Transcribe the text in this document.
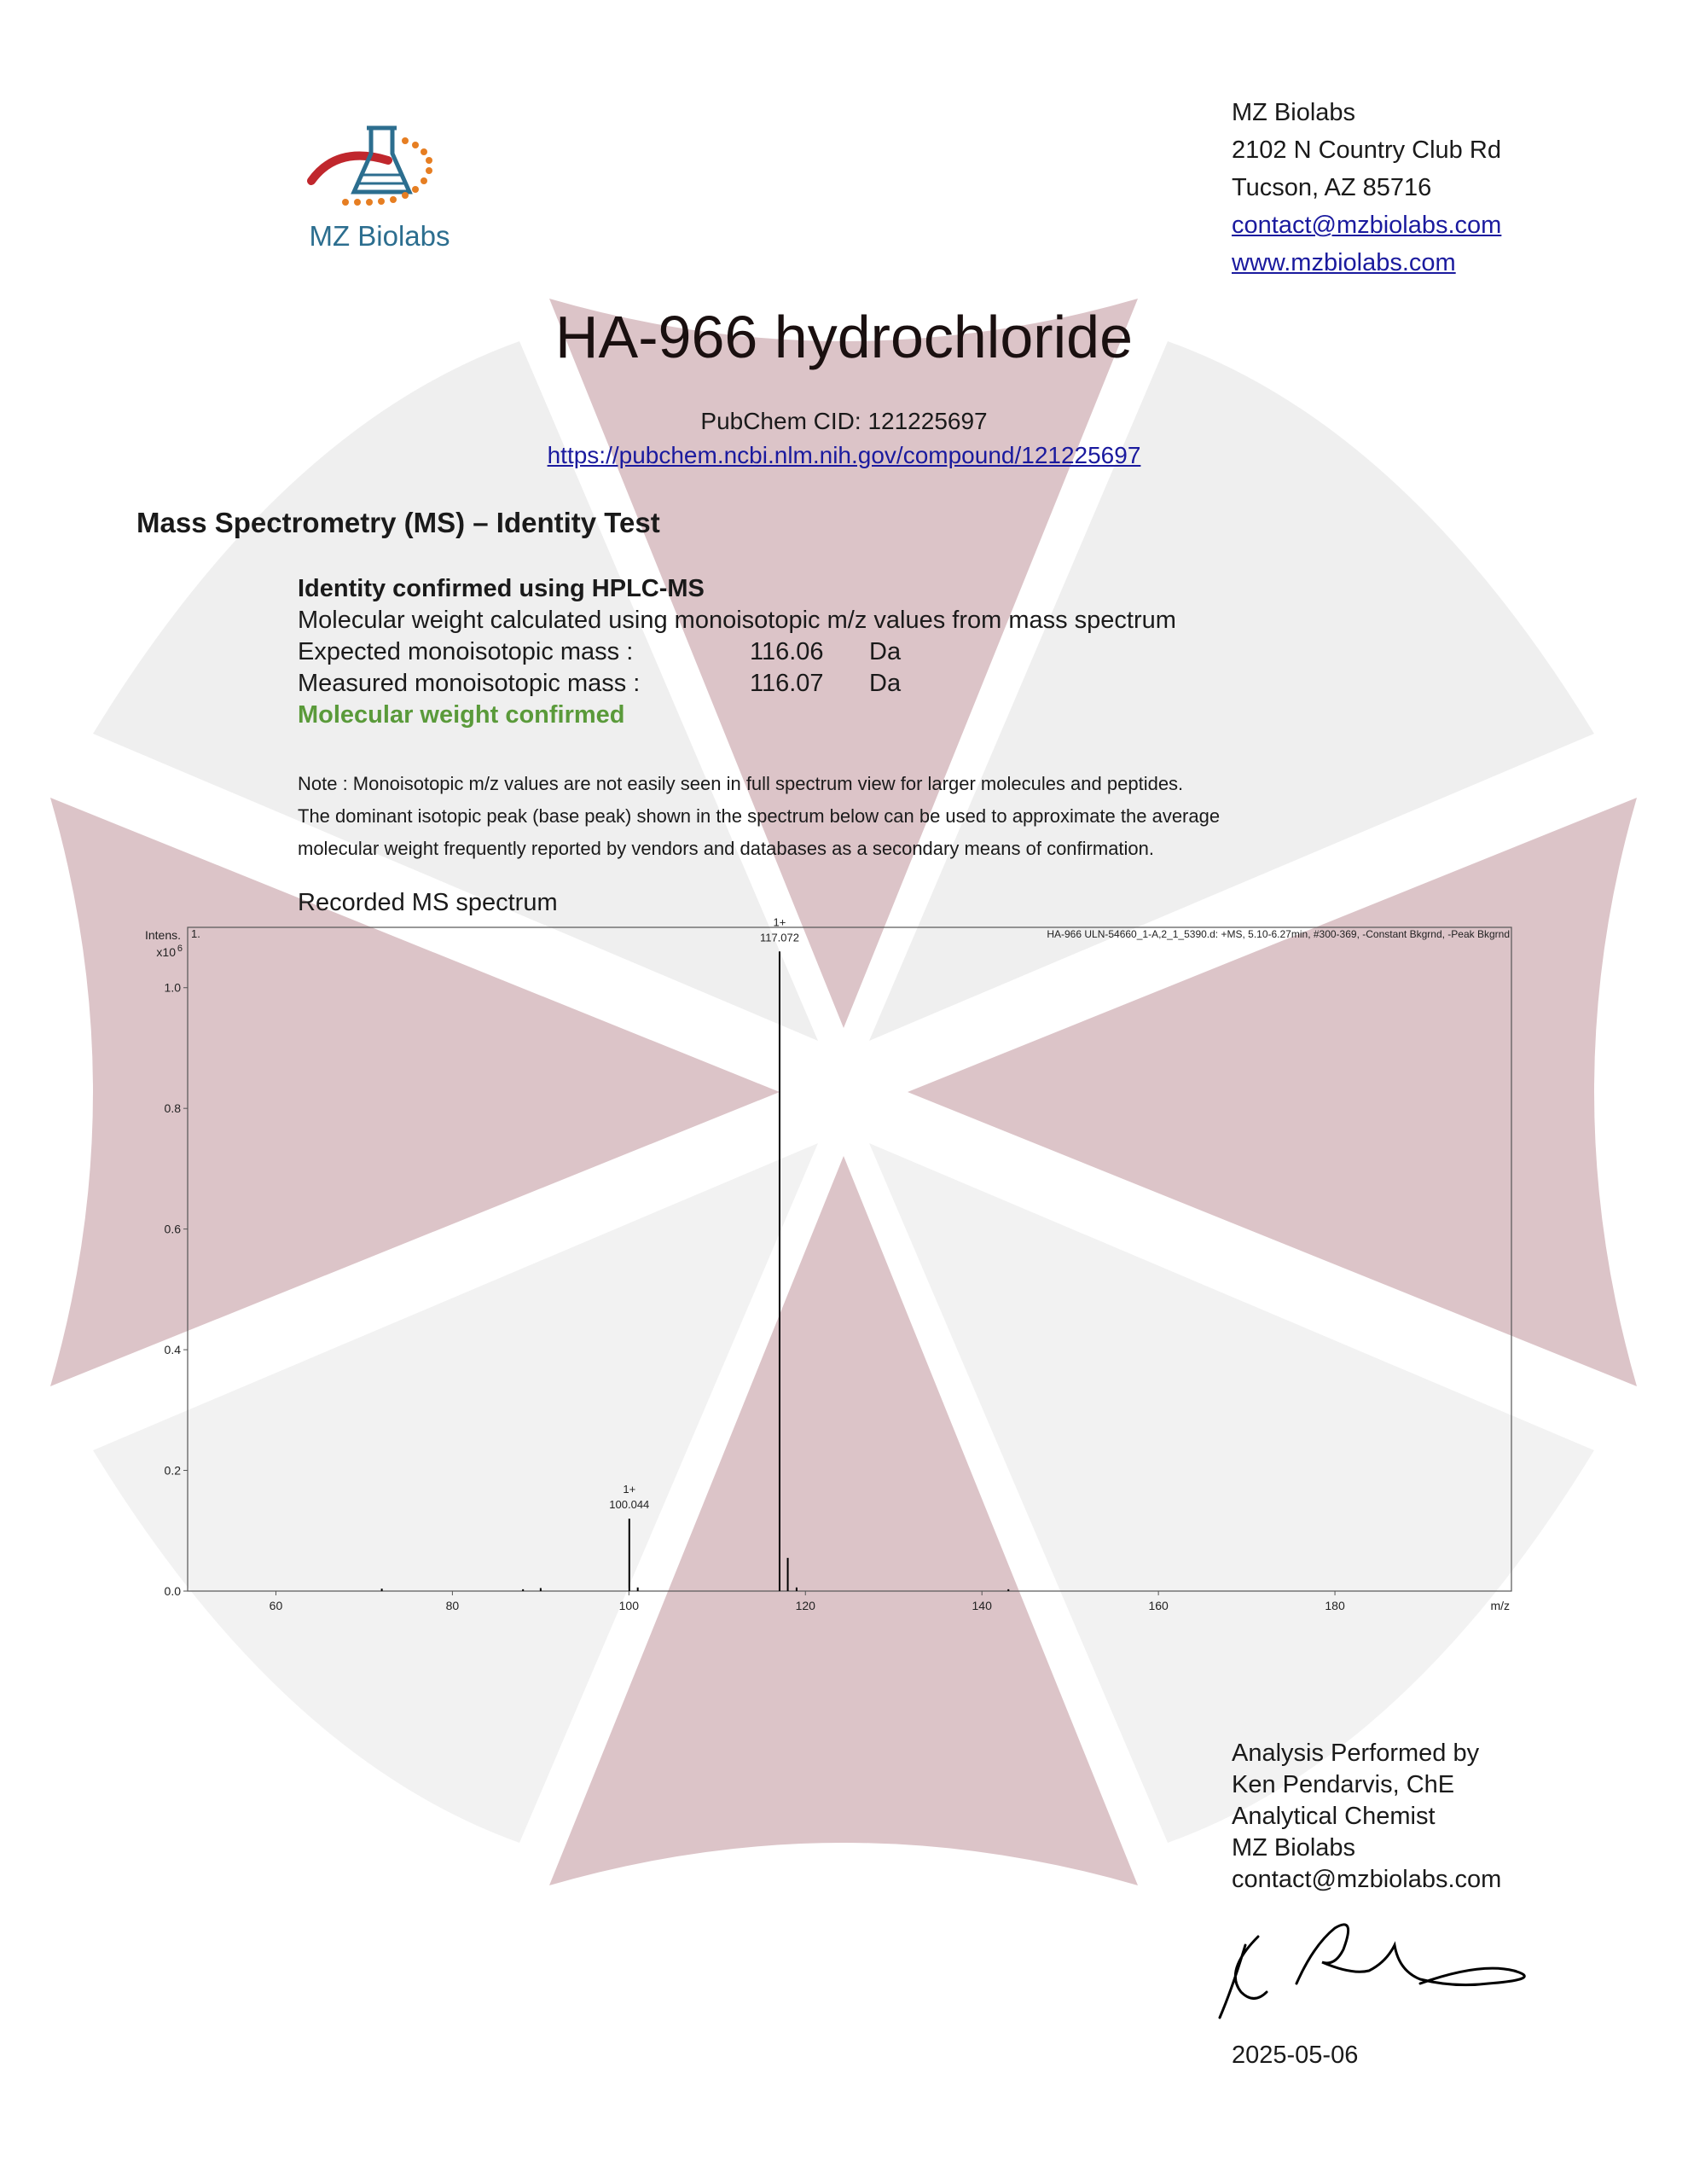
MZ Biolabs
MZ Biolabs
2102 N Country Club Rd
Tucson, AZ 85716
contact@mzbiolabs.com
www.mzbiolabs.com
HA-966 hydrochloride
PubChem CID: 121225697
https://pubchem.ncbi.nlm.nih.gov/compound/121225697
Mass Spectrometry (MS) – Identity Test
Identity confirmed using HPLC-MS
Molecular weight calculated using monoisotopic m/z values from mass spectrum
Expected monoisotopic mass :	116.06 Da
Measured monoisotopic mass :	116.07 Da
Molecular weight confirmed
Note : Monoisotopic m/z values are not easily seen in full spectrum view for larger molecules and peptides.
The dominant isotopic peak (base peak) shown in the spectrum below can be used to approximate the average
molecular weight frequently reported by vendors and databases as a secondary means of confirmation.
Recorded MS spectrum
1.	HA-966 ULN-54660_1-A,2_1_5390.d: +MS, 5.10-6.27min, #300-369, -Constant Bkgrnd, -Peak Bkgrnd
Intens.
x10 6
m/z
60	80	100	120	140	160	180
0.0
0.2
0.4
0.6
0.8
1.0
1+
100.044
1+
117.072
Analysis Performed by
Ken Pendarvis, ChE
Analytical Chemist
MZ Biolabs
contact@mzbiolabs.com
2025-05-06
